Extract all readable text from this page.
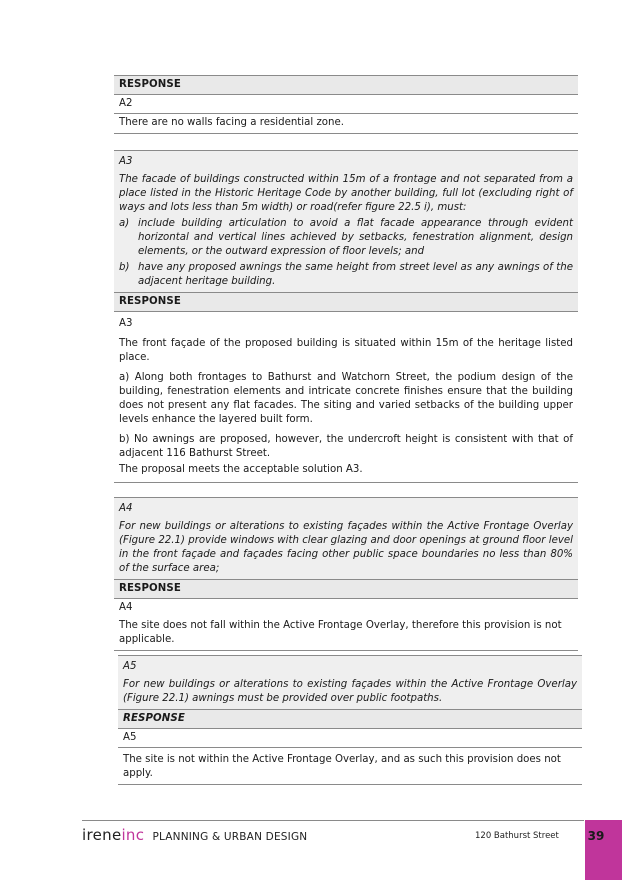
RESPONSE
A2
There are no walls facing a residential zone.

A3

The facade of buildings constructed within 15m of a frontage and not separated from a place listed in the Historic Heritage Code by another building, full lot (excluding right of ways and lots less than 5m width) or road(refer figure 22.5 i), must:

a) include building articulation to avoid a flat facade appearance through evident horizontal and vertical lines achieved by setbacks, fenestration alignment, design elements, or the outward expression of floor levels; and
b) have any proposed awnings the same height from street level as any awnings of the adjacent heritage building.
RESPONSE

A3

The front façade of the proposed building is situated within 15m of the heritage listed place.

a) Along both frontages to Bathurst and Watchorn Street, the podium design of the building, fenestration elements and intricate concrete finishes ensure that the building does not present any flat facades. The siting and varied setbacks of the building upper levels enhance the layered built form.

b) No awnings are proposed, however, the undercroft height is consistent with that of adjacent 116 Bathurst Street.

The proposal meets the acceptable solution A3.

A4

For new buildings or alterations to existing façades within the Active Frontage Overlay (Figure 22.1) provide windows with clear glazing and door openings at ground floor level in the front façade and façades facing other public space boundaries no less than 80% of the surface area;

RESPONSE
A4
The site does not fall within the Active Frontage Overlay, therefore this provision is not applicable.

A5

For new buildings or alterations to existing façades within the Active Frontage Overlay (Figure 22.1) awnings must be provided over public footpaths.

RESPONSE
A5
The site is not within the Active Frontage Overlay, and as such this provision does not apply.
ireneinc PLANNING & URBAN DESIGN	120 Bathurst Street 39
